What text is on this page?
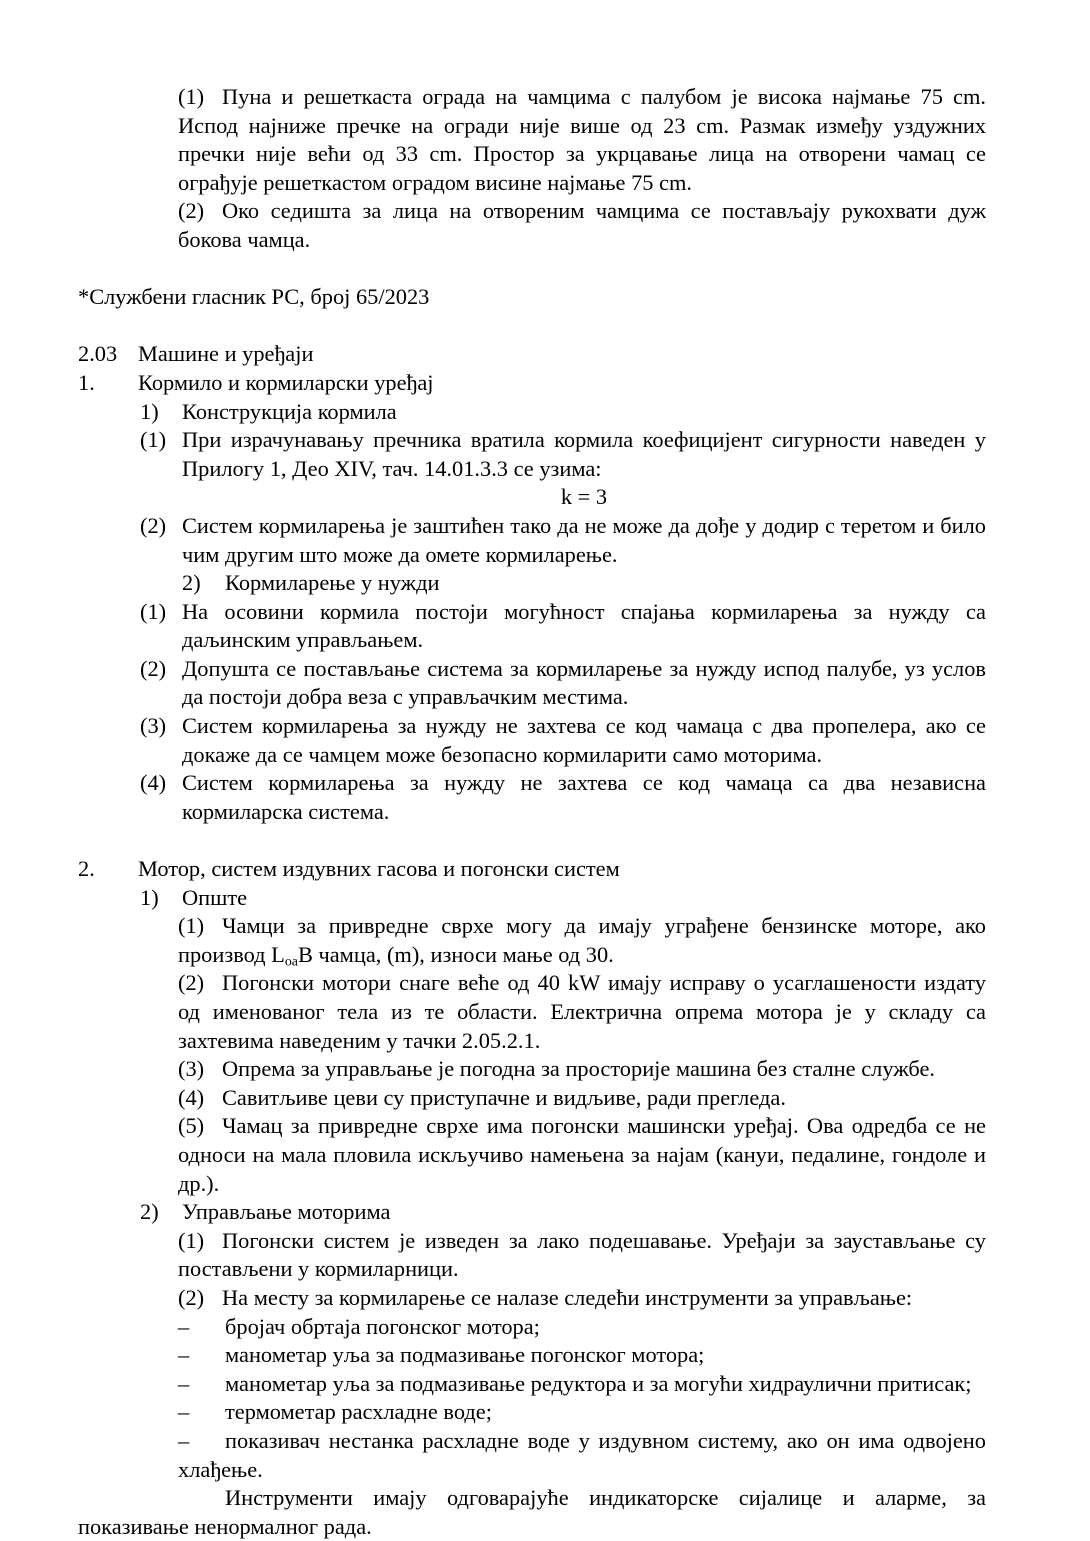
(1) Пуна и решеткаста ограда на чамцима с палубом је висока најмање 75 cm. Испод најниже пречке на огради није више од 23 cm. Размак између уздужних пречки није већи од 33 cm. Простор за укрцавање лица на отворени чамац се ограђује решеткастом оградом висине најмање 75 cm.
(2) Око седишта за лица на отвореним чамцима се постављају рукохвати дуж бокова чамца.
*Службени гласник РС, број 65/2023
2.03 Машине и уређаји
1. Кормило и кормиларски уређај
1) Конструкција кормила
(1) При израчунавању пречника вратила кормила коефицијент сигурности наведен у Прилогу 1, Део XIV, тач. 14.01.3.3 се узима:
k = 3
(2) Систем кормиларења је заштићен тако да не може да дође у додир с теретом и било чим другим што може да омете кормиларење.
2) Кормиларење у нужди
(1) На осовини кормила постоји могућност спајања кормиларења за нужду са даљинским управљањем.
(2) Допушта се постављање система за кормиларење за нужду испод палубе, уз услов да постоји добра веза с управљачким местима.
(3) Систем кормиларења за нужду не захтева се код чамаца с два пропелера, ако се докаже да се чамцем може безопасно кормиларити само моторима.
(4) Систем кормиларења за нужду не захтева се код чамаца са два независна кормиларска система.
2. Мотор, систем издувних гасова и погонски систем
1) Опште
(1) Чамци за привредне сврхе могу да имају уграђене бензинске моторе, ако производ $L_{oa}B$ чамца, (m), износи мање од 30.
(2) Погонски мотори снаге веће од 40 kW имају исправу о усаглашености издату од именованог тела из те области. Електрична опрема мотора је у складу са захтевима наведеним у тачки 2.05.2.1.
(3) Опрема за управљање је погодна за просторије машина без сталне службе.
(4) Савитљиве цеви су приступачне и видљиве, ради прегледа.
(5) Чамац за привредне сврхе има погонски машински уређај. Ова одредба се не односи на мала пловила искључиво намењена за најам (кануи, педалине, гондоле и др.).
2) Управљање моторима
(1) Погонски систем је изведен за лако подешавање. Уређаји за заустављање су постављени у кормиларници.
(2) На месту за кормиларење се налазе следећи инструменти за управљање:
– бројач обртаја погонског мотора;
– манометар уља за подмазивање погонског мотора;
– манометар уља за подмазивање редуктора и за могући хидраулични притисак;
– термометар расхладне воде;
– показивач нестанка расхладне воде у издувном систему, ако он има одвојено хлађење.
Инструменти имају одговарајуће индикаторске сијалице и аларме, за показивање ненормалног рада.
